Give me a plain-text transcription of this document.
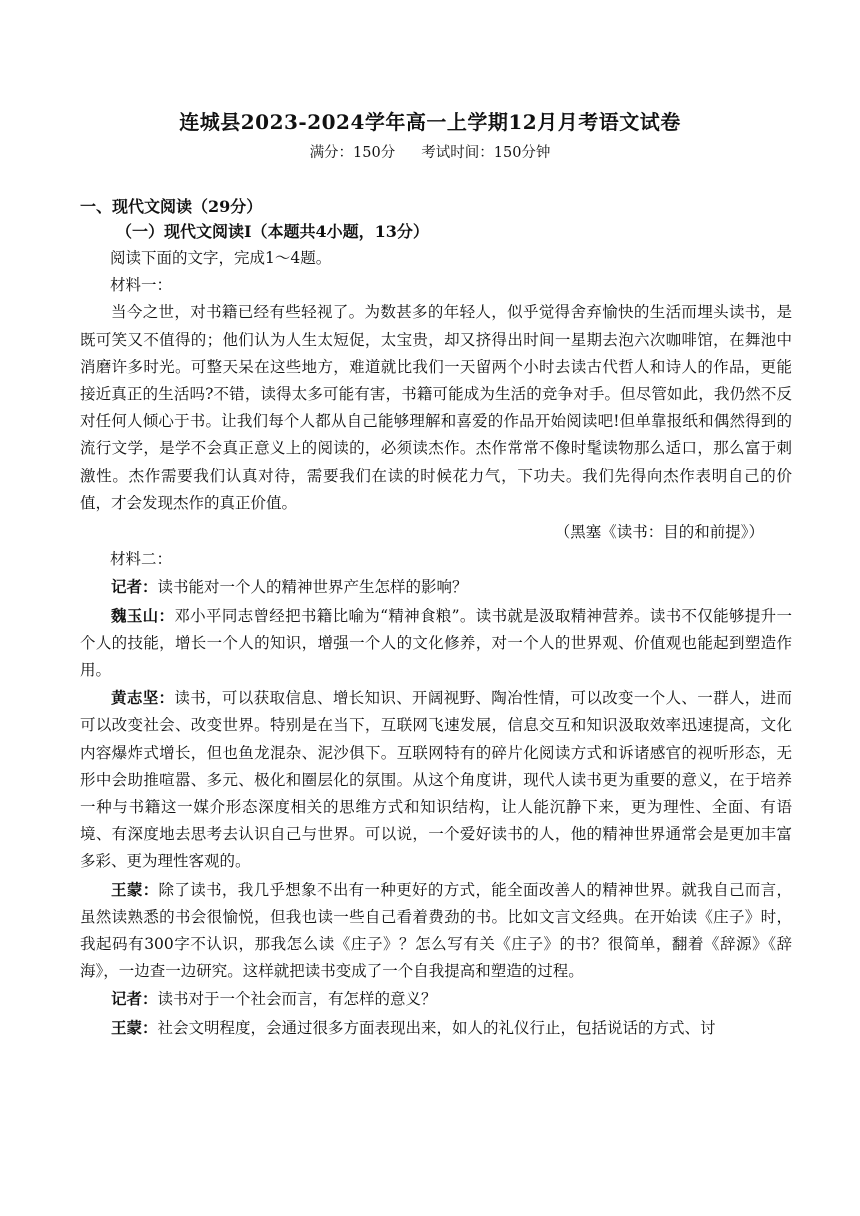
连城县2023-2024学年高一上学期12月月考语文试卷
满分：150分 考试时间：150分钟
一、现代文阅读（29分）
（一）现代文阅读Ⅰ（本题共4小题，13分）

阅读下面的文字，完成1～4题。

材料一：

当今之世，对书籍已经有些轻视了。为数甚多的年轻人，似乎觉得舍弃愉快的生活而埋头读书，是既可笑又不值得的；他们认为人生太短促，太宝贵，却又挤得出时间一星期去泡六次咖啡馆，在舞池中消磨许多时光。可整天呆在这些地方，难道就比我们一天留两个小时去读古代哲人和诗人的作品，更能接近真正的生活吗?不错，读得太多可能有害，书籍可能成为生活的竞争对手。但尽管如此，我仍然不反对任何人倾心于书。让我们每个人都从自己能够理解和喜爱的作品开始阅读吧!但单靠报纸和偶然得到的流行文学，是学不会真正意义上的阅读的，必须读杰作。杰作常常不像时髦读物那么适口，那么富于刺激性。杰作需要我们认真对待，需要我们在读的时候花力气，下功夫。我们先得向杰作表明自己的价值，才会发现杰作的真正价值。

（黑塞《读书：目的和前提》）

材料二：

记者：读书能对一个人的精神世界产生怎样的影响？

魏玉山：邓小平同志曾经把书籍比喻为“精神食粮”。读书就是汲取精神营养。读书不仅能够提升一个人的技能，增长一个人的知识，增强一个人的文化修养，对一个人的世界观、价值观也能起到塑造作用。

黄志坚：读书，可以获取信息、增长知识、开阔视野、陶冶性情，可以改变一个人、一群人，进而可以改变社会、改变世界。特别是在当下，互联网飞速发展，信息交互和知识汲取效率迅速提高，文化内容爆炸式增长，但也鱼龙混杂、泥沙俱下。互联网特有的碎片化阅读方式和诉诸感官的视听形态，无形中会助推喧嚣、多元、极化和圈层化的氛围。从这个角度讲，现代人读书更为重要的意义，在于培养一种与书籍这一媒介形态深度相关的思维方式和知识结构，让人能沉静下来，更为理性、全面、有语境、有深度地去思考去认识自己与世界。可以说，一个爱好读书的人，他的精神世界通常会是更加丰富多彩、更为理性客观的。

王蒙：除了读书，我几乎想象不出有一种更好的方式，能全面改善人的精神世界。就我自己而言，虽然读熟悉的书会很愉悦，但我也读一些自己看着费劲的书。比如文言文经典。在开始读《庄子》时，我起码有300字不认识，那我怎么读《庄子》？怎么写有关《庄子》的书？很简单，翻着《辞源》《辞海》，一边查一边研究。这样就把读书变成了一个自我提高和塑造的过程。

记者：读书对于一个社会而言，有怎样的意义？

王蒙：社会文明程度，会通过很多方面表现出来，如人的礼仪行止，包括说话的方式、讨
